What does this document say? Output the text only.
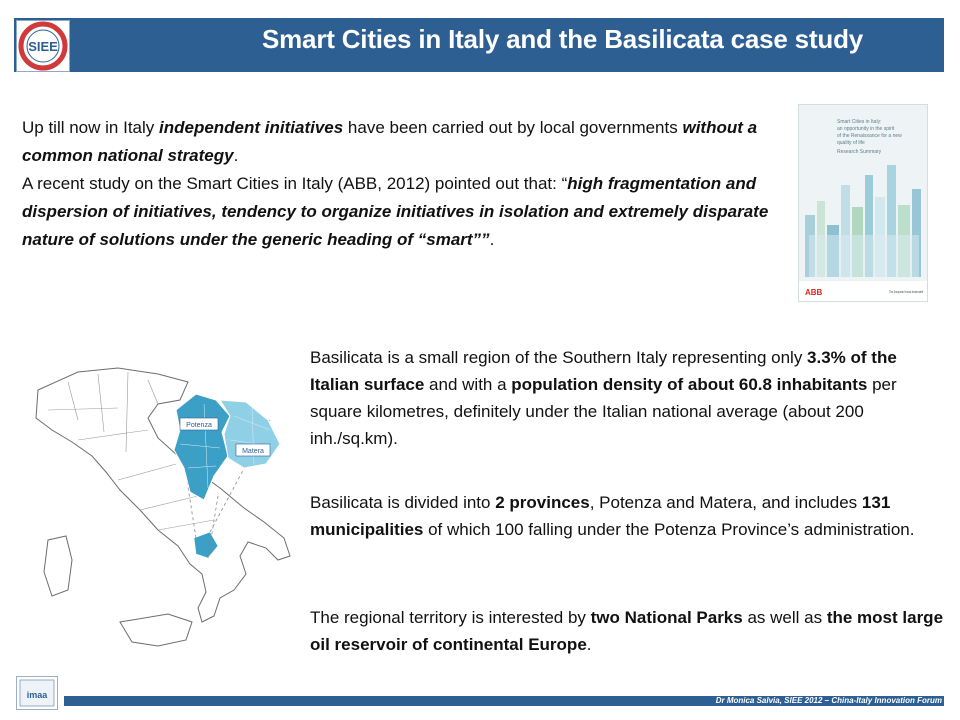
SIEE	Smart Cities in Italy and the Basilicata case study

Up till now in Italy independent initiatives have been carried out by local governments without a common national strategy.

A recent study on the Smart Cities in Italy (ABB, 2012) pointed out that: “high fragmentation and dispersion of initiatives, tendency to organize initiatives in isolation and extremely disparate nature of solutions under the generic heading of “smart””.

Smart Cities in Italy:
an opportunity in the spirit
of the Renaissance for a new
quality of life
Research Summary
ABB	The European House Ambrosetti
Potenza
Matera
Basilicata is a small region of the Southern Italy representing only 3.3% of the Italian surface and with a population density of about 60.8 inhabitants per square kilometres, definitely under the Italian national average (about 200 inh./sq.km).
Basilicata is divided into 2 provinces, Potenza and Matera, and includes 131 municipalities of which 100 falling under the Potenza Province’s administration.
The regional territory is interested by two National Parks as well as the most large oil reservoir of continental Europe.
Dr Monica Salvia, SIEE 2012 – China-Italy Innovation Forum
imaa
